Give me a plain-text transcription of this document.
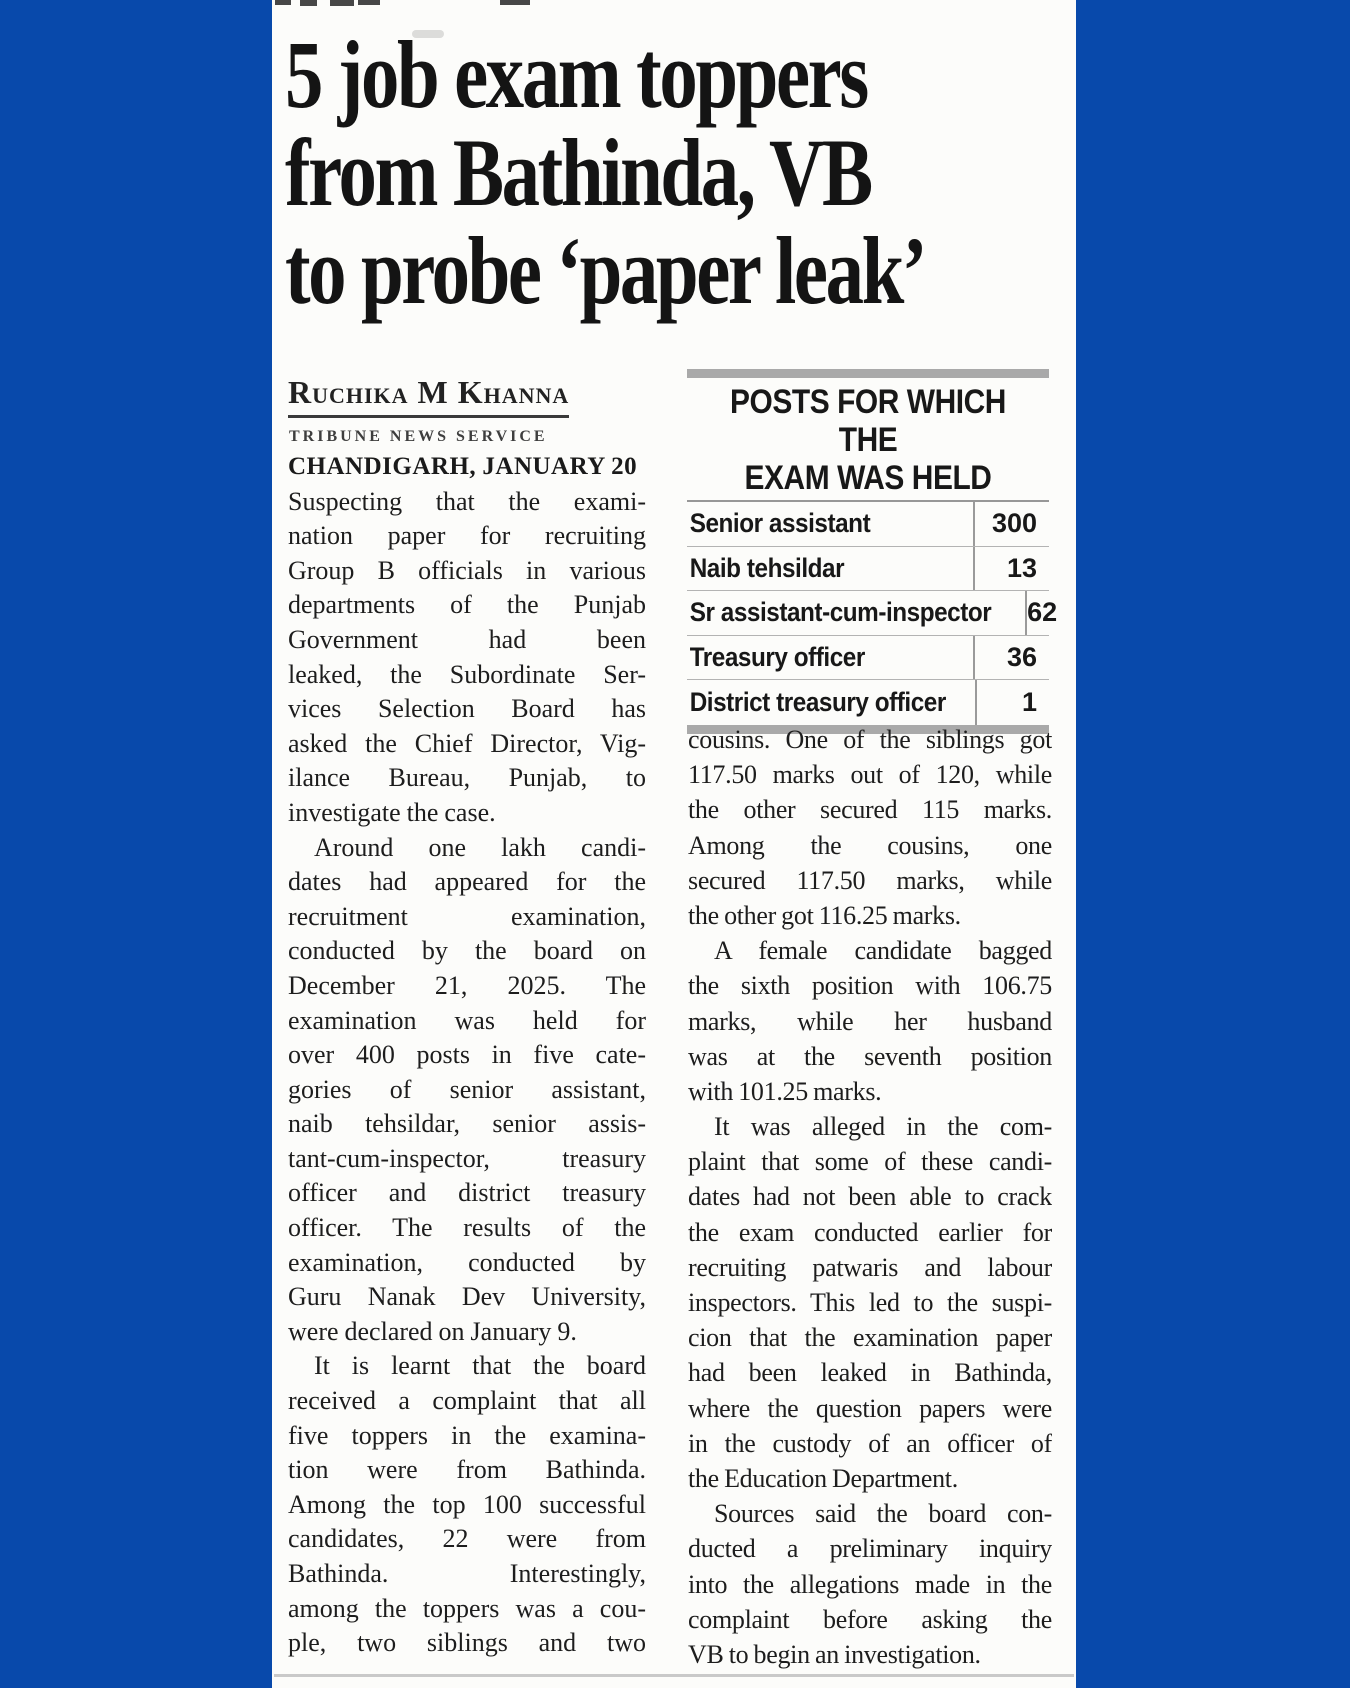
5 job exam toppers
from Bathinda, VB
to probe ‘paper leak’
Ruchika M Khanna
TRIBUNE NEWS SERVICE
CHANDIGARH, JANUARY 20
Suspecting that the exami-
nation paper for recruiting
Group B officials in various
departments of the Punjab
Government had been
leaked, the Subordinate Ser-
vices Selection Board has
asked the Chief Director, Vig-
ilance Bureau, Punjab, to
investigate the case.
Around one lakh candi-
dates had appeared for the
recruitment examination,
conducted by the board on
December 21, 2025. The
examination was held for
over 400 posts in five cate-
gories of senior assistant,
naib tehsildar, senior assis-
tant-cum-inspector, treasury
officer and district treasury
officer. The results of the
examination, conducted by
Guru Nanak Dev University,
were declared on January 9.
It is learnt that the board
received a complaint that all
five toppers in the examina-
tion were from Bathinda.
Among the top 100 successful
candidates, 22 were from
Bathinda. Interestingly,
among the toppers was a cou-
ple, two siblings and two
POSTS FOR WHICH THE
EXAM WAS HELD
Senior assistant	300
Naib tehsildar	13
Sr assistant-cum-inspector 62
Treasury officer	36
District treasury officer	1
cousins. One of the siblings got
117.50 marks out of 120, while
the other secured 115 marks.
Among the cousins, one
secured 117.50 marks, while
the other got 116.25 marks.
A female candidate bagged
the sixth position with 106.75
marks, while her husband
was at the seventh position
with 101.25 marks.
It was alleged in the com-
plaint that some of these candi-
dates had not been able to crack
the exam conducted earlier for
recruiting patwaris and labour
inspectors. This led to the suspi-
cion that the examination paper
had been leaked in Bathinda,
where the question papers were
in the custody of an officer of
the Education Department.
Sources said the board con-
ducted a preliminary inquiry
into the allegations made in the
complaint before asking the
VB to begin an investigation.
